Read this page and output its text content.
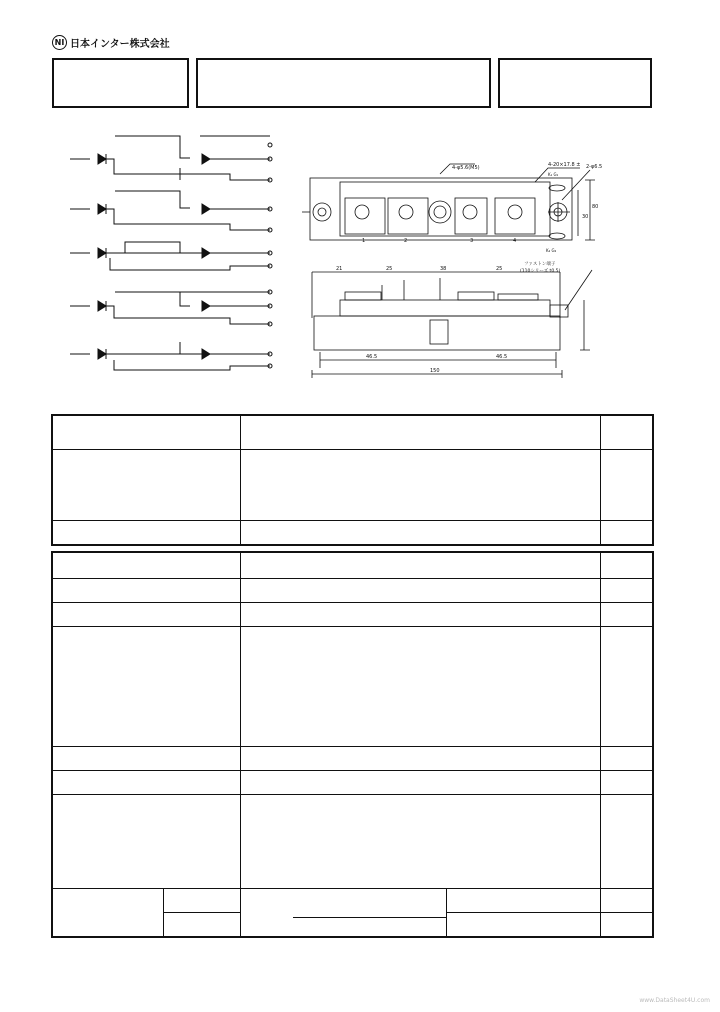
NI 日本インター株式会社
4-φ5.6(M5)	4-20×17.8 ± 2-φ6.5
K₁ G₁
K₂ G₂
1	2	3	4
30
80
21	25	38	25
ファストン端子
(110シリーズ t0.5)
46.5	46.5
150

www.DataSheet4U.com
